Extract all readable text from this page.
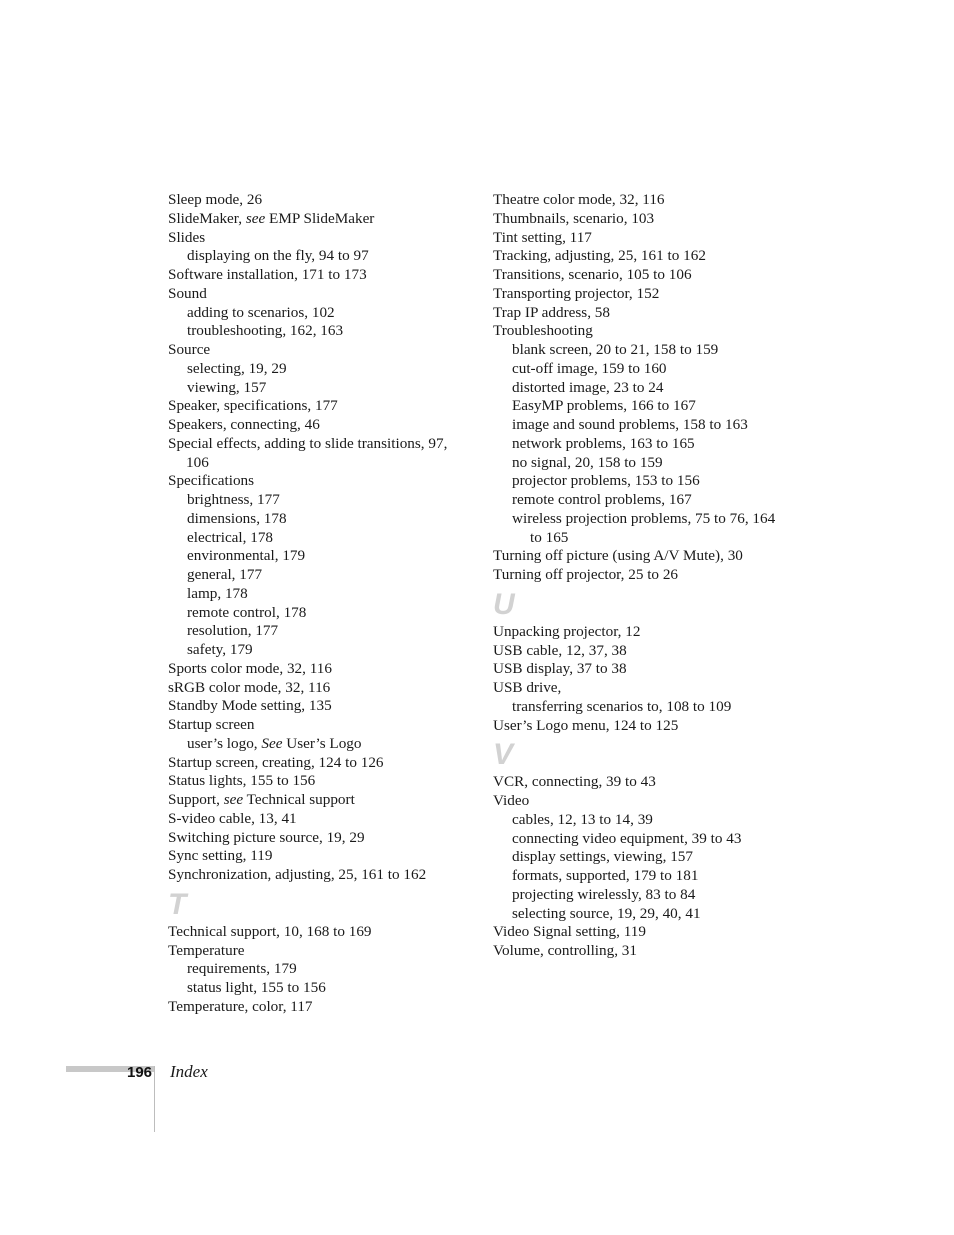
Sleep mode, 26
SlideMaker, see EMP SlideMaker
Slides
displaying on the fly, 94 to 97
Software installation, 171 to 173
Sound
adding to scenarios, 102
troubleshooting, 162, 163
Source
selecting, 19, 29
viewing, 157
Speaker, specifications, 177
Speakers, connecting, 46
Special effects, adding to slide transitions, 97, 106
Specifications
brightness, 177
dimensions, 178
electrical, 178
environmental, 179
general, 177
lamp, 178
remote control, 178
resolution, 177
safety, 179
Sports color mode, 32, 116
sRGB color mode, 32, 116
Standby Mode setting, 135
Startup screen
user’s logo, See User’s Logo
Startup screen, creating, 124 to 126
Status lights, 155 to 156
Support, see Technical support
S-video cable, 13, 41
Switching picture source, 19, 29
Sync setting, 119
Synchronization, adjusting, 25, 161 to 162
T
Technical support, 10, 168 to 169
Temperature
requirements, 179
status light, 155 to 156
Temperature, color, 117
Theatre color mode, 32, 116
Thumbnails, scenario, 103
Tint setting, 117
Tracking, adjusting, 25, 161 to 162
Transitions, scenario, 105 to 106
Transporting projector, 152
Trap IP address, 58
Troubleshooting
blank screen, 20 to 21, 158 to 159
cut-off image, 159 to 160
distorted image, 23 to 24
EasyMP problems, 166 to 167
image and sound problems, 158 to 163
network problems, 163 to 165
no signal, 20, 158 to 159
projector problems, 153 to 156
remote control problems, 167
wireless projection problems, 75 to 76, 164 to 165
Turning off picture (using A/V Mute), 30
Turning off projector, 25 to 26
U
Unpacking projector, 12
USB cable, 12, 37, 38
USB display, 37 to 38
USB drive,
transferring scenarios to, 108 to 109
User’s Logo menu, 124 to 125
V
VCR, connecting, 39 to 43
Video
cables, 12, 13 to 14, 39
connecting video equipment, 39 to 43
display settings, viewing, 157
formats, supported, 179 to 181
projecting wirelessly, 83 to 84
selecting source, 19, 29, 40, 41
Video Signal setting, 119
Volume, controlling, 31
196 Index
